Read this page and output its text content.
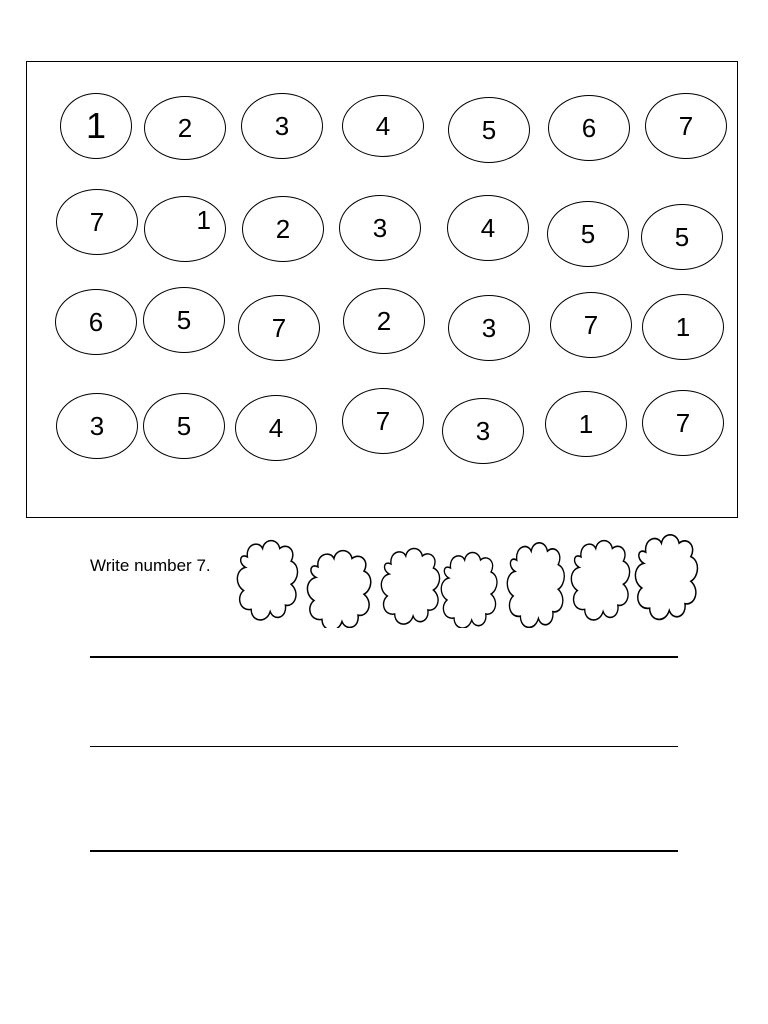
1	2	3	4	5	6	7
7	1	2	3	4	5	5
6	5	7	2	3	7	1
3	5	4	7	3	1	7
Write number 7.
